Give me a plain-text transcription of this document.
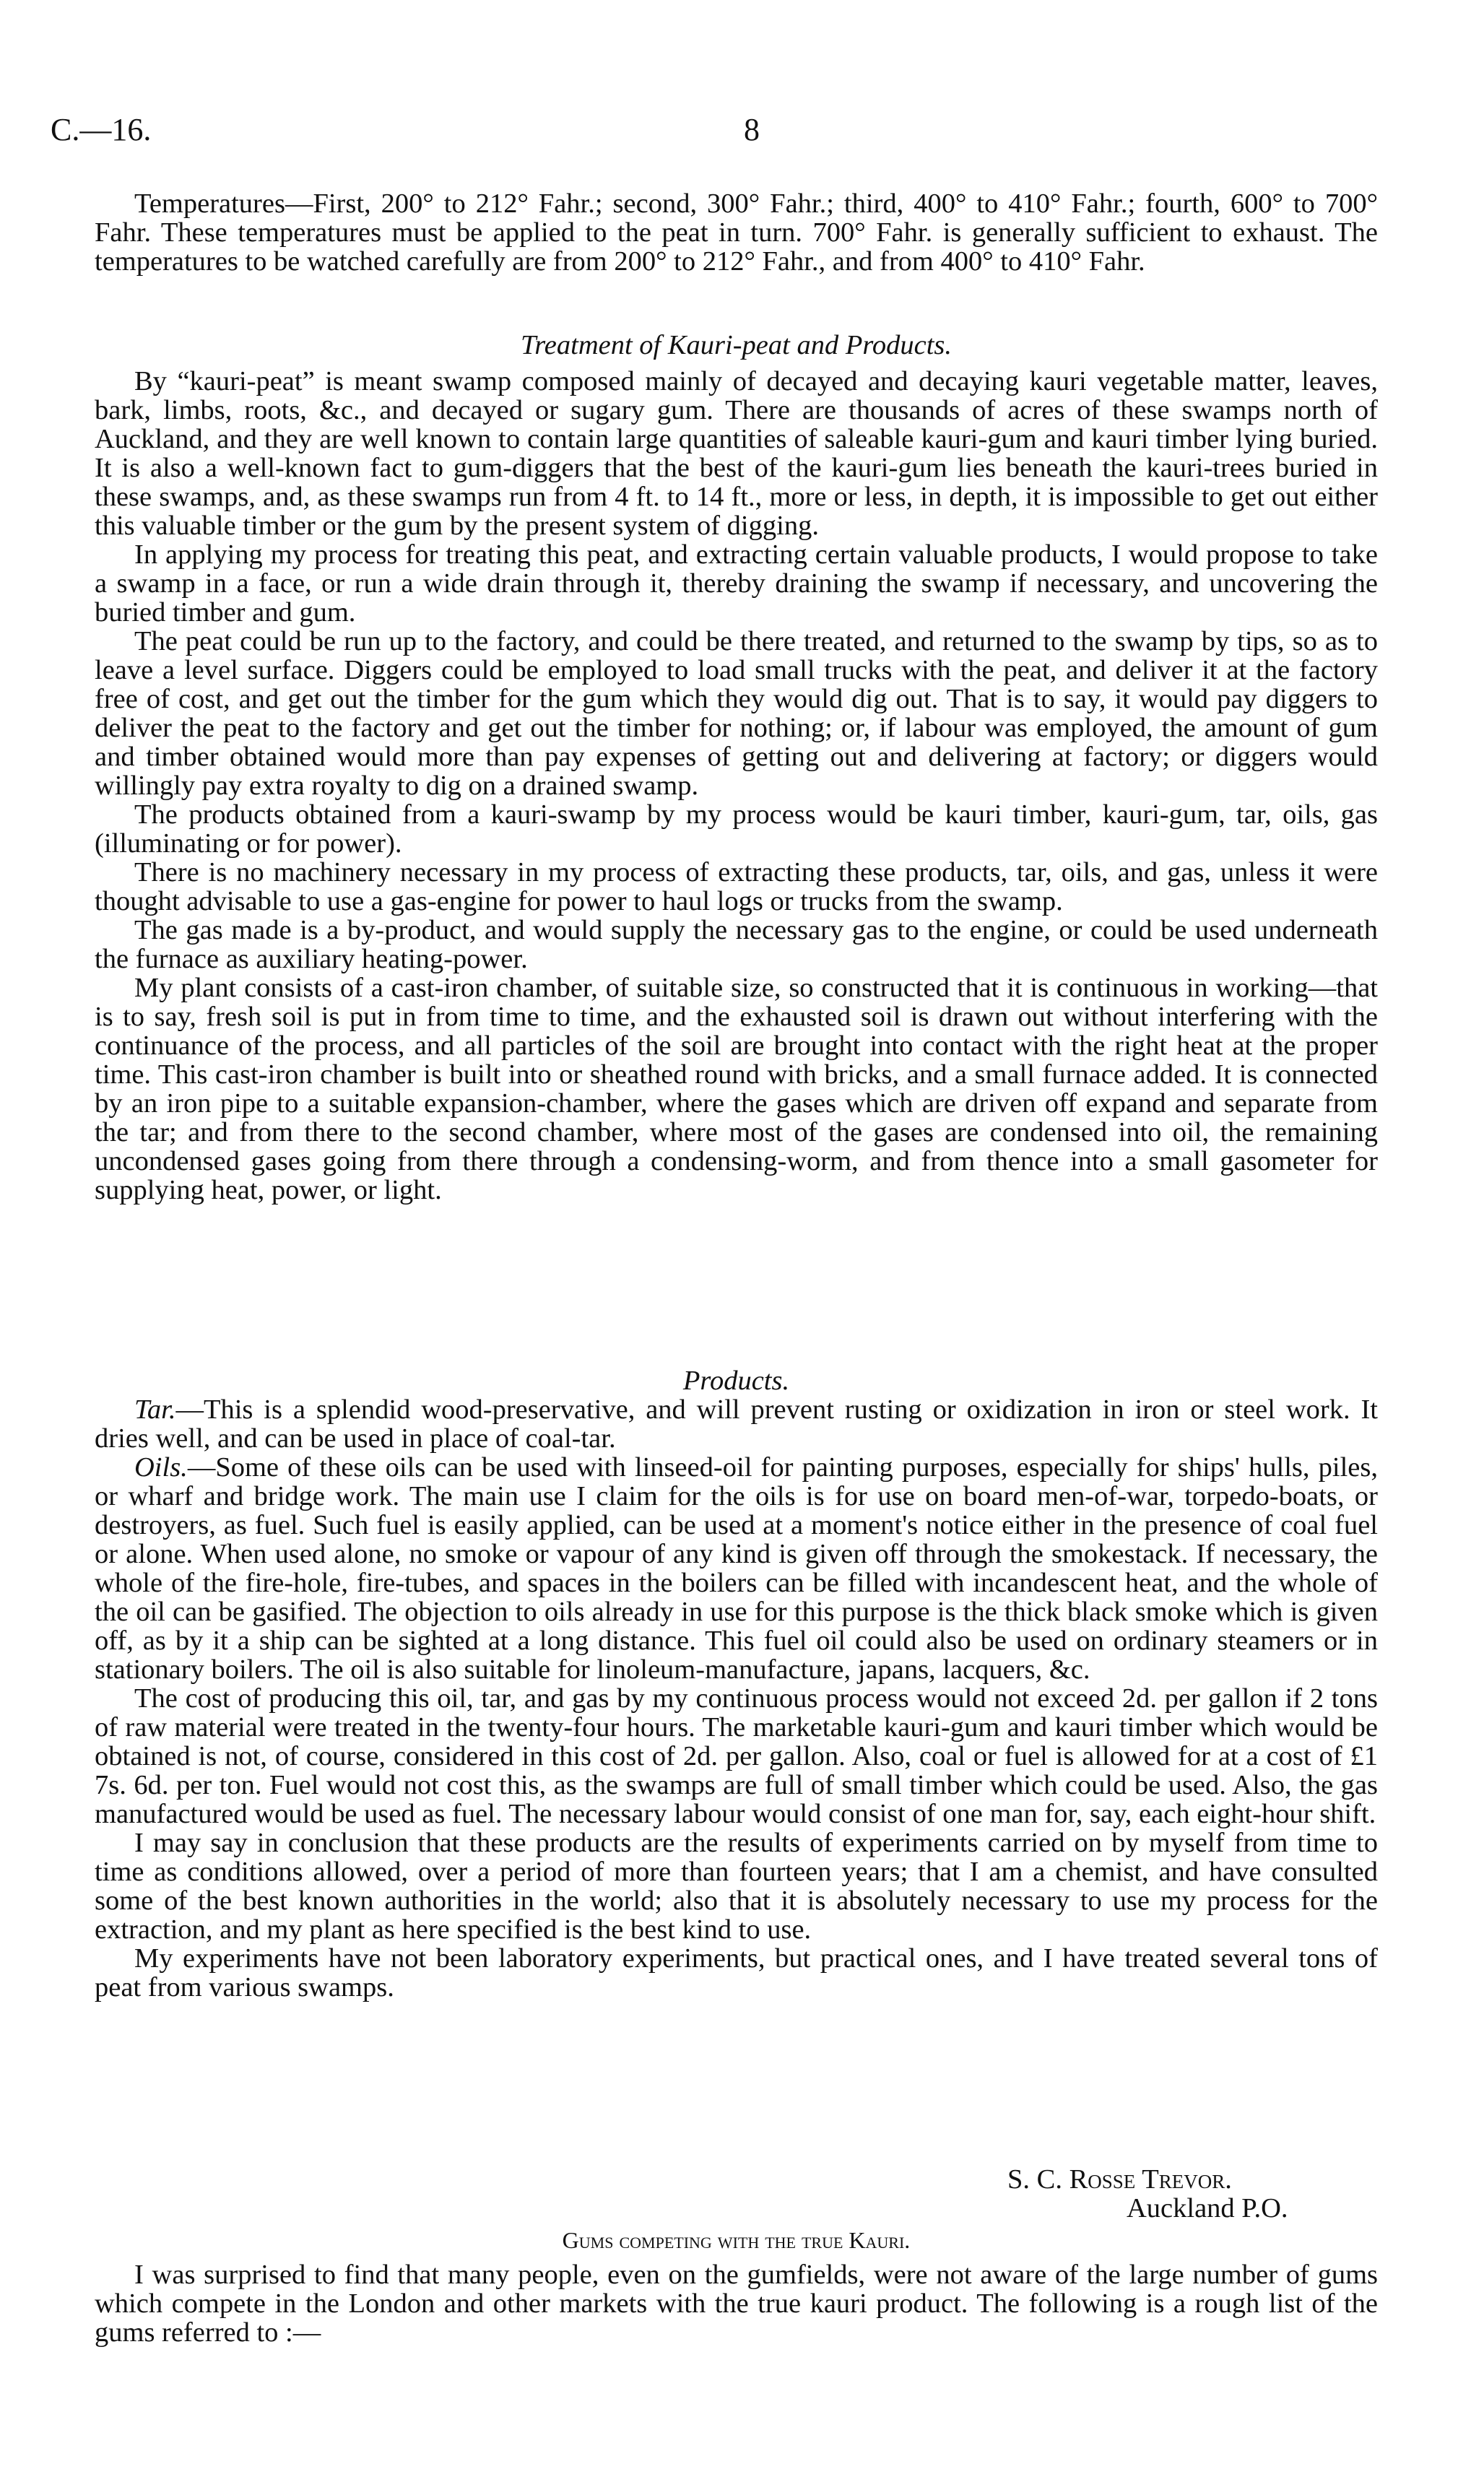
C.—16.	8

Temperatures—First, 200° to 212° Fahr.; second, 300° Fahr.; third, 400° to 410° Fahr.; fourth, 600° to 700° Fahr. These temperatures must be applied to the peat in turn. 700° Fahr. is generally sufficient to exhaust. The temperatures to be watched carefully are from 200° to 212° Fahr., and from 400° to 410° Fahr.

Treatment of Kauri-peat and Products.

By “kauri-peat” is meant swamp composed mainly of decayed and decaying kauri vegetable matter, leaves, bark, limbs, roots, &c., and decayed or sugary gum. There are thousands of acres of these swamps north of Auckland, and they are well known to contain large quantities of saleable kauri-gum and kauri timber lying buried. It is also a well-known fact to gum-diggers that the best of the kauri-gum lies beneath the kauri-trees buried in these swamps, and, as these swamps run from 4 ft. to 14 ft., more or less, in depth, it is impossible to get out either this valuable timber or the gum by the present system of digging.

In applying my process for treating this peat, and extracting certain valuable products, I would propose to take a swamp in a face, or run a wide drain through it, thereby draining the swamp if necessary, and uncovering the buried timber and gum.

The peat could be run up to the factory, and could be there treated, and returned to the swamp by tips, so as to leave a level surface. Diggers could be employed to load small trucks with the peat, and deliver it at the factory free of cost, and get out the timber for the gum which they would dig out. That is to say, it would pay diggers to deliver the peat to the factory and get out the timber for nothing; or, if labour was employed, the amount of gum and timber obtained would more than pay expenses of getting out and delivering at factory; or diggers would willingly pay extra royalty to dig on a drained swamp.

The products obtained from a kauri-swamp by my process would be kauri timber, kauri-gum, tar, oils, gas (illuminating or for power).

There is no machinery necessary in my process of extracting these products, tar, oils, and gas, unless it were thought advisable to use a gas-engine for power to haul logs or trucks from the swamp.

The gas made is a by-product, and would supply the necessary gas to the engine, or could be used underneath the furnace as auxiliary heating-power.

My plant consists of a cast-iron chamber, of suitable size, so constructed that it is continuous in working—that is to say, fresh soil is put in from time to time, and the exhausted soil is drawn out without interfering with the continuance of the process, and all particles of the soil are brought into contact with the right heat at the proper time. This cast-iron chamber is built into or sheathed round with bricks, and a small furnace added. It is connected by an iron pipe to a suitable expansion-chamber, where the gases which are driven off expand and separate from the tar; and from there to the second chamber, where most of the gases are condensed into oil, the remaining uncondensed gases going from there through a condensing-worm, and from thence into a small gasometer for supplying heat, power, or light.

Products.

Tar.—This is a splendid wood-preservative, and will prevent rusting or oxidization in iron or steel work. It dries well, and can be used in place of coal-tar.

Oils.—Some of these oils can be used with linseed-oil for painting purposes, especially for ships' hulls, piles, or wharf and bridge work. The main use I claim for the oils is for use on board men-of-war, torpedo-boats, or destroyers, as fuel. Such fuel is easily applied, can be used at a moment's notice either in the presence of coal fuel or alone. When used alone, no smoke or vapour of any kind is given off through the smokestack. If necessary, the whole of the fire-hole, fire-tubes, and spaces in the boilers can be filled with incandescent heat, and the whole of the oil can be gasified. The objection to oils already in use for this purpose is the thick black smoke which is given off, as by it a ship can be sighted at a long distance. This fuel oil could also be used on ordinary steamers or in stationary boilers. The oil is also suitable for linoleum-manufacture, japans, lacquers, &c.

The cost of producing this oil, tar, and gas by my continuous process would not exceed 2d. per gallon if 2 tons of raw material were treated in the twenty-four hours. The marketable kauri-gum and kauri timber which would be obtained is not, of course, considered in this cost of 2d. per gallon. Also, coal or fuel is allowed for at a cost of £1 7s. 6d. per ton. Fuel would not cost this, as the swamps are full of small timber which could be used. Also, the gas manufactured would be used as fuel. The necessary labour would consist of one man for, say, each eight-hour shift.

I may say in conclusion that these products are the results of experiments carried on by myself from time to time as conditions allowed, over a period of more than fourteen years; that I am a chemist, and have consulted some of the best known authorities in the world; also that it is absolutely necessary to use my process for the extraction, and my plant as here specified is the best kind to use.

My experiments have not been laboratory experiments, but practical ones, and I have treated several tons of peat from various swamps.

S. C. Rosse Trevor.
Auckland P.O.
Gums competing with the true Kauri.

I was surprised to find that many people, even on the gumfields, were not aware of the large number of gums which compete in the London and other markets with the true kauri product. The following is a rough list of the gums referred to :—
